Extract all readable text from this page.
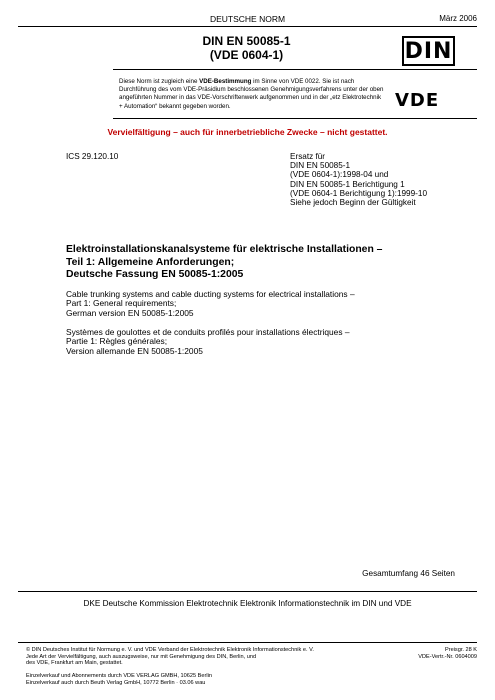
DEUTSCHE NORM	März 2006
DIN EN 50085-1
(VDE 0604-1)	DIN
Diese Norm ist zugleich eine VDE-Bestimmung im Sinne von VDE 0022. Sie ist nach Durchführung des vom VDE-Präsidium beschlossenen Genehmigungsverfahrens unter der oben angeführten Nummer in das VDE-Vorschriftenwerk aufgenommen und in der „etz Elektrotechnik + Automation“ bekannt gegeben worden.	VDE
Vervielfältigung – auch für innerbetriebliche Zwecke – nicht gestattet.
ICS 29.120.10	Ersatz für
DIN EN 50085-1
(VDE 0604-1):1998-04 und
DIN EN 50085-1 Berichtigung 1
(VDE 0604-1 Berichtigung 1):1999-10
Siehe jedoch Beginn der Gültigkeit
Elektroinstallationskanalsysteme für elektrische Installationen –
Teil 1: Allgemeine Anforderungen;
Deutsche Fassung EN 50085-1:2005
Cable trunking systems and cable ducting systems for electrical installations –
Part 1: General requirements;
German version EN 50085-1:2005
Systèmes de goulottes et de conduits profilés pour installations électriques –
Partie 1: Règles générales;
Version allemande EN 50085-1:2005
Gesamtumfang 46 Seiten
DKE Deutsche Kommission Elektrotechnik Elektronik Informationstechnik im DIN und VDE
© DIN Deutsches Institut für Normung e. V. und VDE Verband der Elektrotechnik Elektronik Informationstechnik e. V.
Jede Art der Vervielfältigung, auch auszugsweise, nur mit Genehmigung des DIN, Berlin, und
des VDE, Frankfurt am Main, gestattet.
Einzelverkauf und Abonnements durch VDE VERLAG GMBH, 10625 Berlin
Einzelverkauf auch durch Beuth Verlag GmbH, 10772 Berlin · 03.06 wau
Preisgr. 28 K
VDE-Vertr.-Nr. 0604009
